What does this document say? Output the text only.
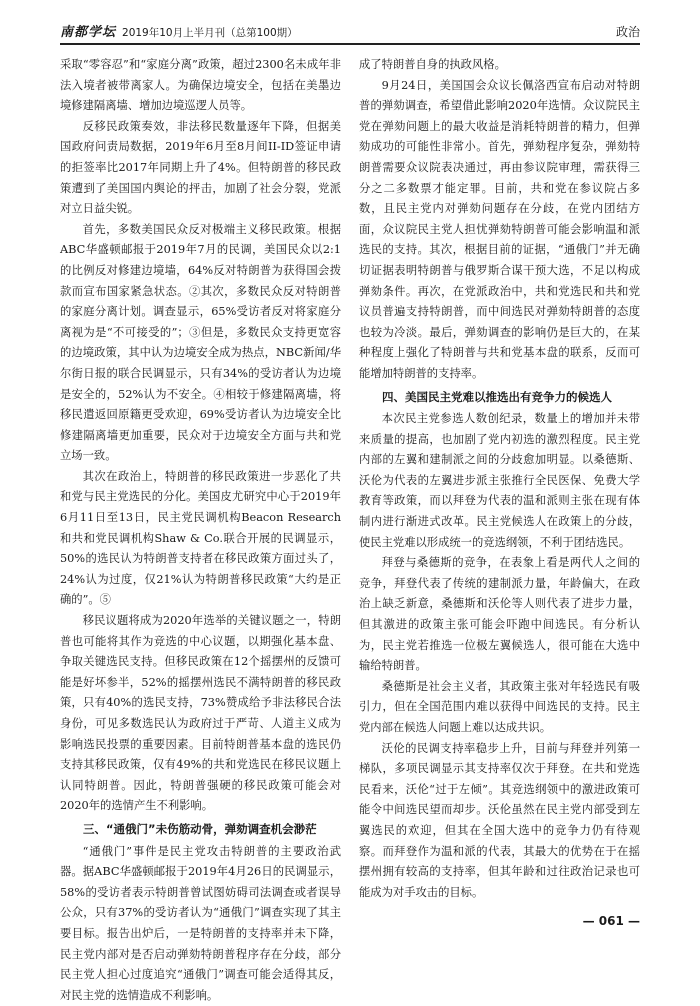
南都学坛 2019年10月上半月刊（总第100期）	政治

采取“零容忍”和“家庭分离”政策，超过2300名未成年非法入境者被带离家人。为确保边境安全，包括在美墨边境修建隔离墙、增加边境巡逻人员等。

反移民政策奏效，非法移民数量逐年下降，但据美国政府问责局数据，2019年6月至8月间II-ID签证申请的拒签率比2017年同期上升了4%。但特朗普的移民政策遭到了美国国内舆论的抨击，加剧了社会分裂，党派对立日益尖锐。

首先，多数美国民众反对极端主义移民政策。根据ABC华盛顿邮报于2019年7月的民调，美国民众以2:1的比例反对修建边境墙，64%反对特朗普为获得国会拨款而宣布国家紧急状态。②其次，多数民众反对特朗普的家庭分离计划。调查显示，65%受访者反对将家庭分离视为是“不可接受的”；③但是，多数民众支持更宽容的边境政策，其中认为边境安全成为热点，NBC新闻/华尔街日报的联合民调显示，只有34%的受访者认为边境是安全的，52%认为不安全。④相较于修建隔离墙，将移民遣返回原籍更受欢迎，69%受访者认为边境安全比修建隔离墙更加重要，民众对于边境安全方面与共和党立场一致。

其次在政治上，特朗普的移民政策进一步恶化了共和党与民主党选民的分化。美国皮尤研究中心于2019年6月11日至13日，民主党民调机构Beacon Research和共和党民调机构Shaw & Co.联合开展的民调显示，50%的选民认为特朗普支持者在移民政策方面过头了，24%认为过度，仅21%认为特朗普移民政策“大约是正确的”。⑤

移民议题将成为2020年选举的关键议题之一，特朗普也可能将其作为竞选的中心议题，以期强化基本盘、争取关键选民支持。但移民政策在12个摇摆州的反馈可能是好坏参半，52%的摇摆州选民不满特朗普的移民政策，只有40%的选民支持，73%赞成给予非法移民合法身份，可见多数选民认为政府过于严苛、人道主义成为影响选民投票的重要因素。目前特朗普基本盘的选民仍支持其移民政策，仅有49%的共和党选民在移民议题上认同特朗普。因此，特朗普强硬的移民政策可能会对2020年的选情产生不利影响。

三、“通俄门”未伤筋动骨，弹劾调查机会渺茫

“通俄门”事件是民主党攻击特朗普的主要政治武器。据ABC华盛顿邮报于2019年4月26日的民调显示，58%的受访者表示特朗普曾试图妨碍司法调查或者误导公众，只有37%的受访者认为“通俄门”调查实现了其主要目标。报告出炉后，一是特朗普的支持率并未下降，民主党内部对是否启动弹劾特朗普程序存在分歧，部分民主党人担心过度追究“通俄门”调查可能会适得其反，对民主党的选情造成不利影响。

成了特朗普自身的执政风格。

9月24日，美国国会众议长佩洛西宣布启动对特朗普的弹劾调查，希望借此影响2020年选情。众议院民主党在弹劾问题上的最大收益是消耗特朗普的精力，但弹劾成功的可能性非常小。首先，弹劾程序复杂，弹劾特朗普需要众议院表决通过，再由参议院审理，需获得三分之二多数票才能定罪。目前，共和党在参议院占多数，且民主党内对弹劾问题存在分歧，在党内团结方面，众议院民主党人担忧弹劾特朗普可能会影响温和派选民的支持。其次，根据目前的证据，“通俄门”并无确切证据表明特朗普与俄罗斯合谋干预大选，不足以构成弹劾条件。再次，在党派政治中，共和党选民和共和党议员普遍支持特朗普，而中间选民对弹劾特朗普的态度也较为冷淡。最后，弹劾调查的影响仍是巨大的，在某种程度上强化了特朗普与共和党基本盘的联系，反而可能增加特朗普的支持率。

四、美国民主党难以推选出有竞争力的候选人

本次民主党参选人数创纪录，数量上的增加并未带来质量的提高，也加剧了党内初选的激烈程度。民主党内部的左翼和建制派之间的分歧愈加明显。以桑德斯、沃伦为代表的左翼进步派主张推行全民医保、免费大学教育等政策，而以拜登为代表的温和派则主张在现有体制内进行渐进式改革。民主党候选人在政策上的分歧，使民主党难以形成统一的竞选纲领，不利于团结选民。

拜登与桑德斯的竞争，在表象上看是两代人之间的竞争，拜登代表了传统的建制派力量，年龄偏大，在政治上缺乏新意，桑德斯和沃伦等人则代表了进步力量，但其激进的政策主张可能会吓跑中间选民。有分析认为，民主党若推选一位极左翼候选人，很可能在大选中输给特朗普。

桑德斯是社会主义者，其政策主张对年轻选民有吸引力，但在全国范围内难以获得中间选民的支持。民主党内部在候选人问题上难以达成共识。

沃伦的民调支持率稳步上升，目前与拜登并列第一梯队，多项民调显示其支持率仅次于拜登。在共和党选民看来，沃伦“过于左倾”。其竞选纲领中的激进政策可能令中间选民望而却步。沃伦虽然在民主党内部受到左翼选民的欢迎，但其在全国大选中的竞争力仍有待观察。而拜登作为温和派的代表，其最大的优势在于在摇摆州拥有较高的支持率，但其年龄和过往政治记录也可能成为对手攻击的目标。

— 061 —
